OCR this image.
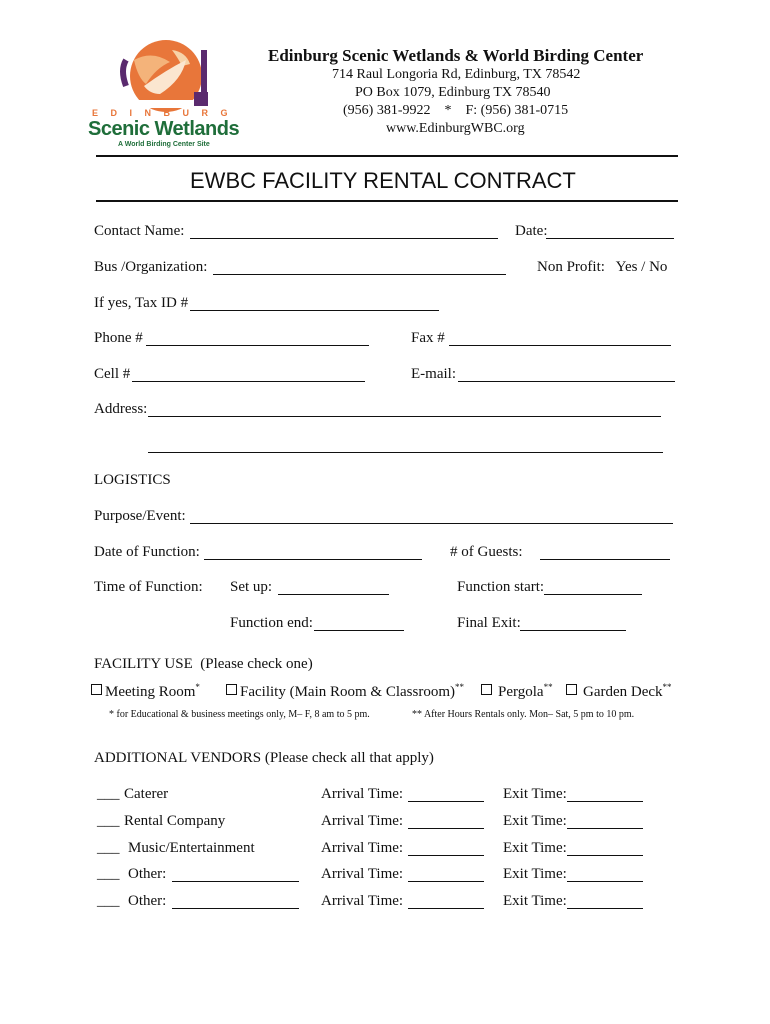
E D I N B U R G
Scenic Wetlands
A World Birding Center Site
Edinburg Scenic Wetlands & World Birding Center
714 Raul Longoria Rd, Edinburg, TX 78542
PO Box 1079, Edinburg TX 78540
(956) 381-9922    *    F: (956) 381-0715
www.EdinburgWBC.org
EWBC FACILITY RENTAL CONTRACT
Contact Name:	Date:
Bus /Organization:	Non Profit:   Yes / No
If yes, Tax ID #
Phone #	Fax #
Cell #	E-mail:
Address:
LOGISTICS
Purpose/Event:
Date of Function:	# of Guests:
Time of Function: Set up:	Function start:
Function end:	Final Exit:
FACILITY USE  (Please check one)
Meeting Room*	Facility (Main Room & Classroom)**	Pergola**	Garden Deck**
* for Educational & business meetings only, M– F, 8 am to 5 pm.	** After Hours Rentals only. Mon– Sat, 5 pm to 10 pm.
ADDITIONAL VENDORS (Please check all that apply)
___ Caterer	Arrival Time:	Exit Time:
___ Rental Company	Arrival Time:	Exit Time:
___ Music/Entertainment	Arrival Time:	Exit Time:
___ Other:	Arrival Time:	Exit Time:
___ Other:	Arrival Time:	Exit Time:
